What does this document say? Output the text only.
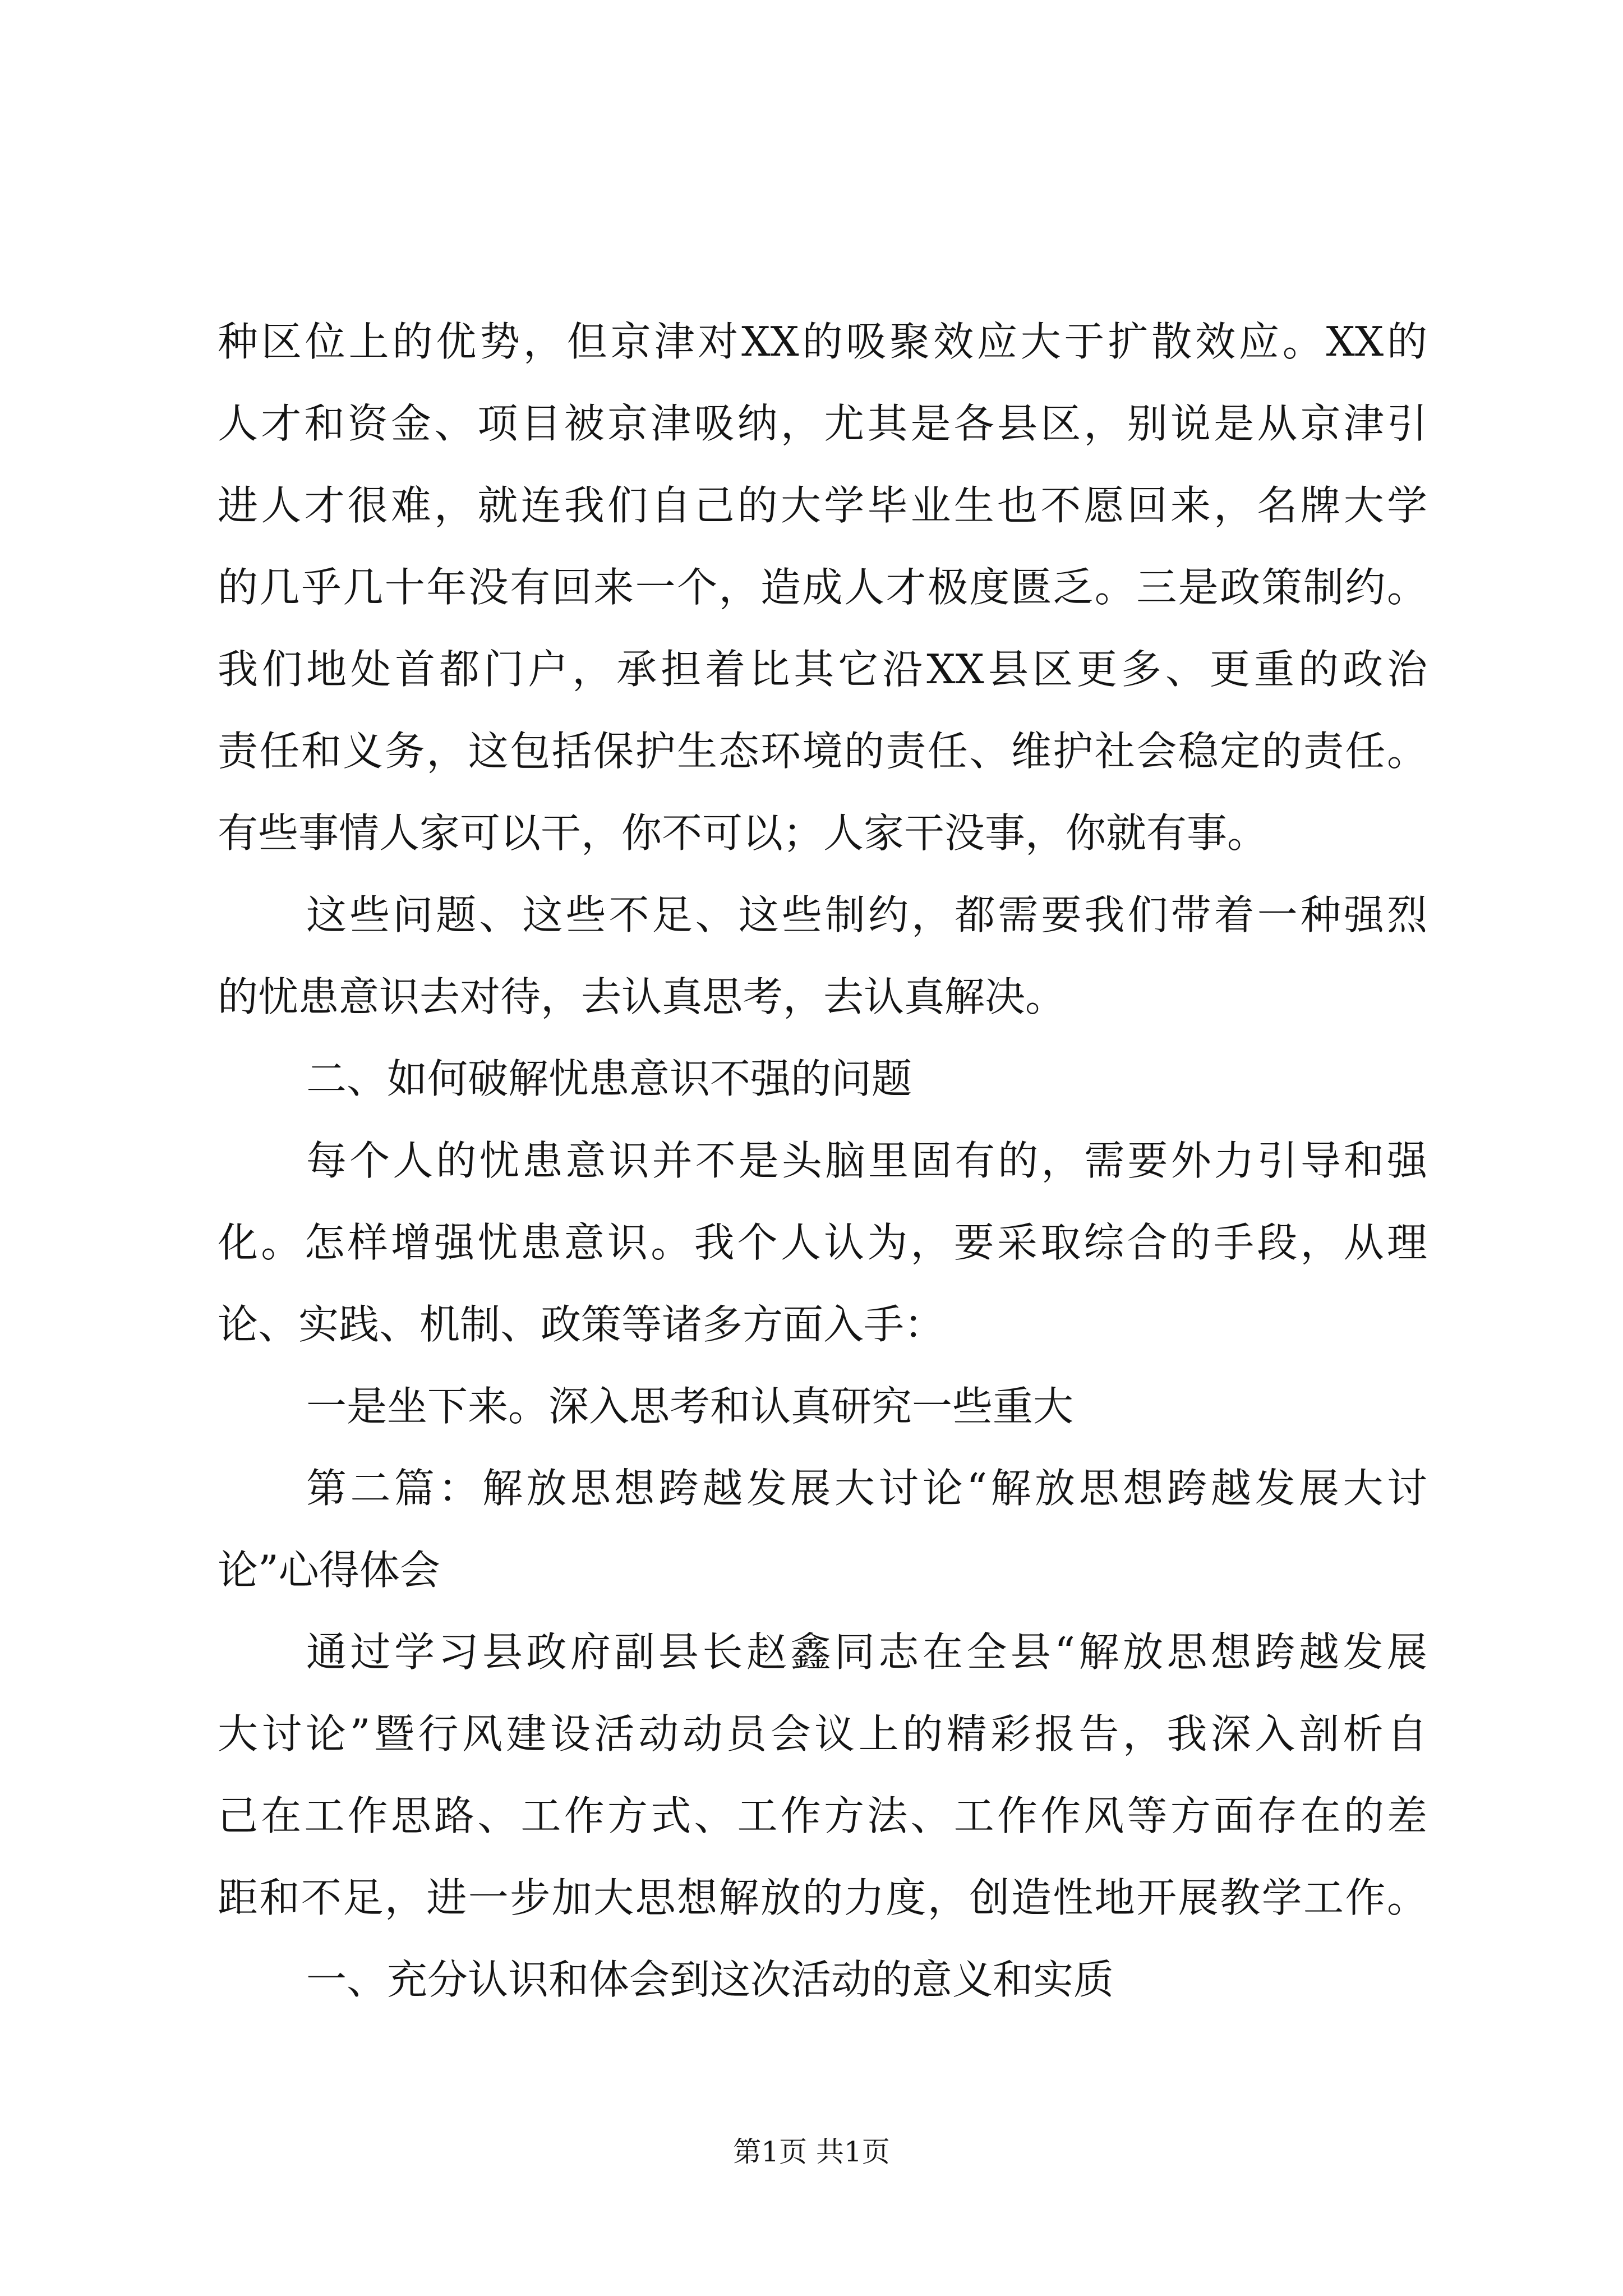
种区位上的优势，但京津对XX的吸聚效应大于扩散效应。XX的
人才和资金、项目被京津吸纳，尤其是各县区，别说是从京津引
进人才很难，就连我们自己的大学毕业生也不愿回来，名牌大学
的几乎几十年没有回来一个，造成人才极度匮乏。三是政策制约。
我们地处首都门户，承担着比其它沿XX县区更多、更重的政治
责任和义务，这包括保护生态环境的责任、维护社会稳定的责任。
有些事情人家可以干，你不可以；人家干没事，你就有事。
这些问题、这些不足、这些制约，都需要我们带着一种强烈
的忧患意识去对待，去认真思考，去认真解决。
二、如何破解忧患意识不强的问题
每个人的忧患意识并不是头脑里固有的，需要外力引导和强
化。怎样增强忧患意识。我个人认为，要采取综合的手段，从理
论、实践、机制、政策等诸多方面入手：
一是坐下来。深入思考和认真研究一些重大
第二篇：解放思想跨越发展大讨论“解放思想跨越发展大讨
论”心得体会
通过学习县政府副县长赵鑫同志在全县“解放思想跨越发展
大讨论”暨行风建设活动动员会议上的精彩报告，我深入剖析自
己在工作思路、工作方式、工作方法、工作作风等方面存在的差
距和不足，进一步加大思想解放的力度，创造性地开展教学工作。
一、充分认识和体会到这次活动的意义和实质
第1页 共1页
